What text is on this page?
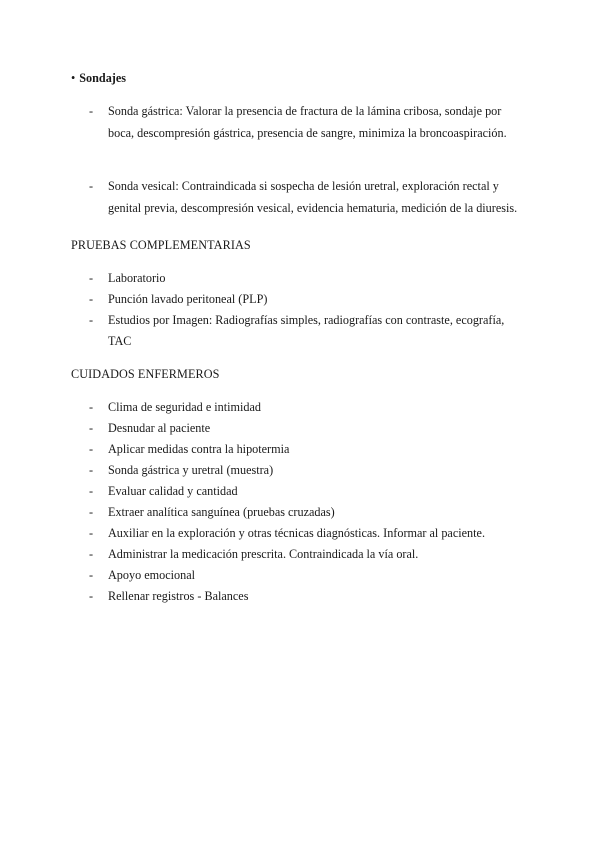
• Sondajes
- Sonda gástrica: Valorar la presencia de fractura de la lámina cribosa, sondaje por boca, descompresión gástrica, presencia de sangre, minimiza la broncoaspiración.
- Sonda vesical: Contraindicada si sospecha de lesión uretral, exploración rectal y genital previa, descompresión vesical, evidencia hematuria, medición de la diuresis.
PRUEBAS COMPLEMENTARIAS
- Laboratorio
- Punción lavado peritoneal (PLP)
- Estudios por Imagen: Radiografías simples, radiografías con contraste, ecografía, TAC
CUIDADOS ENFERMEROS
- Clima de seguridad e intimidad
- Desnudar al paciente
- Aplicar medidas contra la hipotermia
- Sonda gástrica y uretral (muestra)
- Evaluar calidad y cantidad
- Extraer analítica sanguínea (pruebas cruzadas)
- Auxiliar en la exploración y otras técnicas diagnósticas. Informar al paciente.
- Administrar la medicación prescrita. Contraindicada la vía oral.
- Apoyo emocional
- Rellenar registros - Balances
